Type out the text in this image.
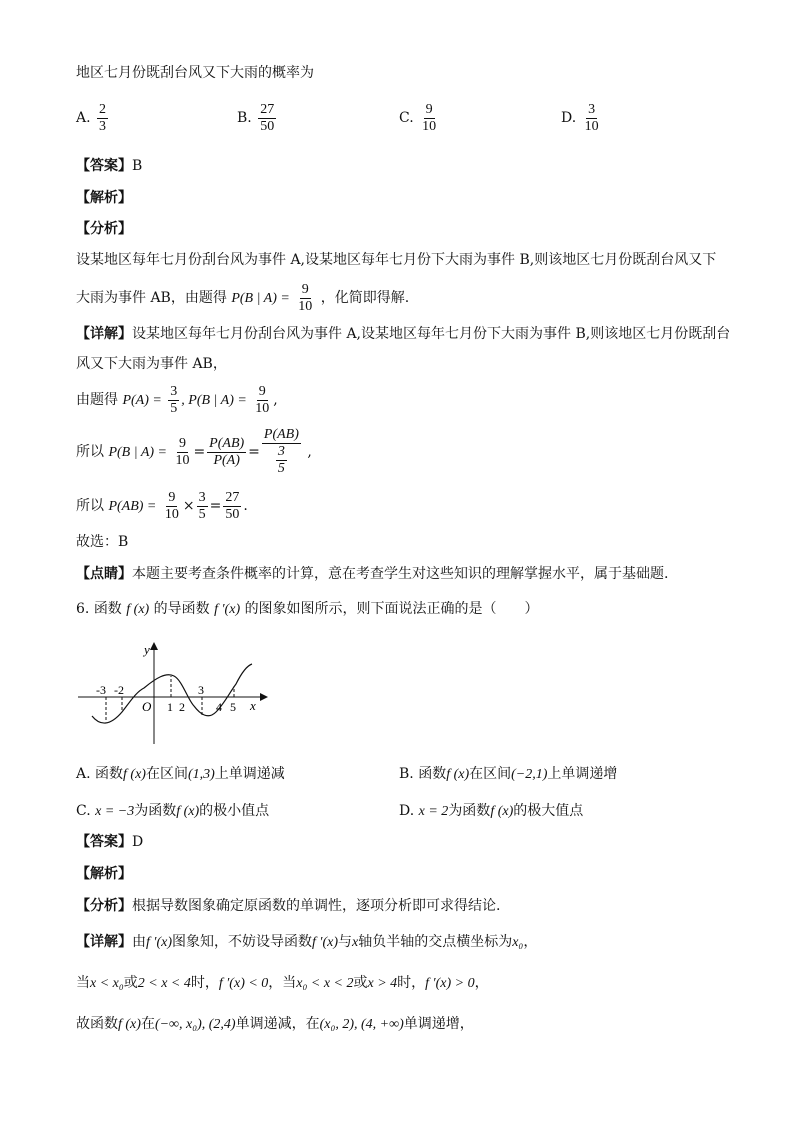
地区七月份既刮台风又下大雨的概率为
A. $\frac{2}{3}$	B. $\frac{27}{50}$	C. $\frac{9}{10}$	D. $\frac{3}{10}$
【答案】B
【解析】
【分析】
设某地区每年七月份刮台风为事件 A,设某地区每年七月份下大雨为事件 B,则该地区七月份既刮台风又下
大雨为事件 AB，由题得 P(B | $A) = \frac{9}{10}$ ，化简即得解.
【详解】设某地区每年七月份刮台风为事件 A,设某地区每年七月份下大雨为事件 B,则该地区七月份既刮台
风又下大雨为事件 AB，
由题得 $P(A) = \frac{3}{5}$ , P(B | $A) = \frac{9}{10}$ ,
所以 P(B | $A) = \frac{9}{10} = \frac{P(AB)}{P(A)} = \frac{P(AB)}{\frac{3}{5}}$ ,
所以 $P(AB) = \frac{9}{10} \times \frac{3}{5} = \frac{27}{50}$ .
故选：B
【点睛】本题主要考查条件概率的计算，意在考查学生对这些知识的理解掌握水平，属于基础题.
6. 函数 f (x) 的导函数 f ′(x) 的图象如图所示，则下面说法正确的是（　　）
y
x
O
-3 -2
1 2
3
4 5
A. 函数f (x)在区间(1,3)上单调递减	B. 函数f (x)在区间(−2,1)上单调递增
C. x = −3为函数f (x)的极小值点	D. x = 2为函数f (x)的极大值点
【答案】D
【解析】
【分析】根据导数图象确定原函数的单调性，逐项分析即可求得结论.
【详解】由f ′(x)图象知，不妨设导函数f ′(x)与x轴负半轴的交点横坐标为x₀，
当x < x₀或2 < x < 4时，f ′(x) < 0，当x₀ < x < 2或x > 4时，f ′(x) > 0，
故函数f (x)在(−∞, x₀), (2,4)单调递减，在(x₀, 2), (4, +∞)单调递增，
